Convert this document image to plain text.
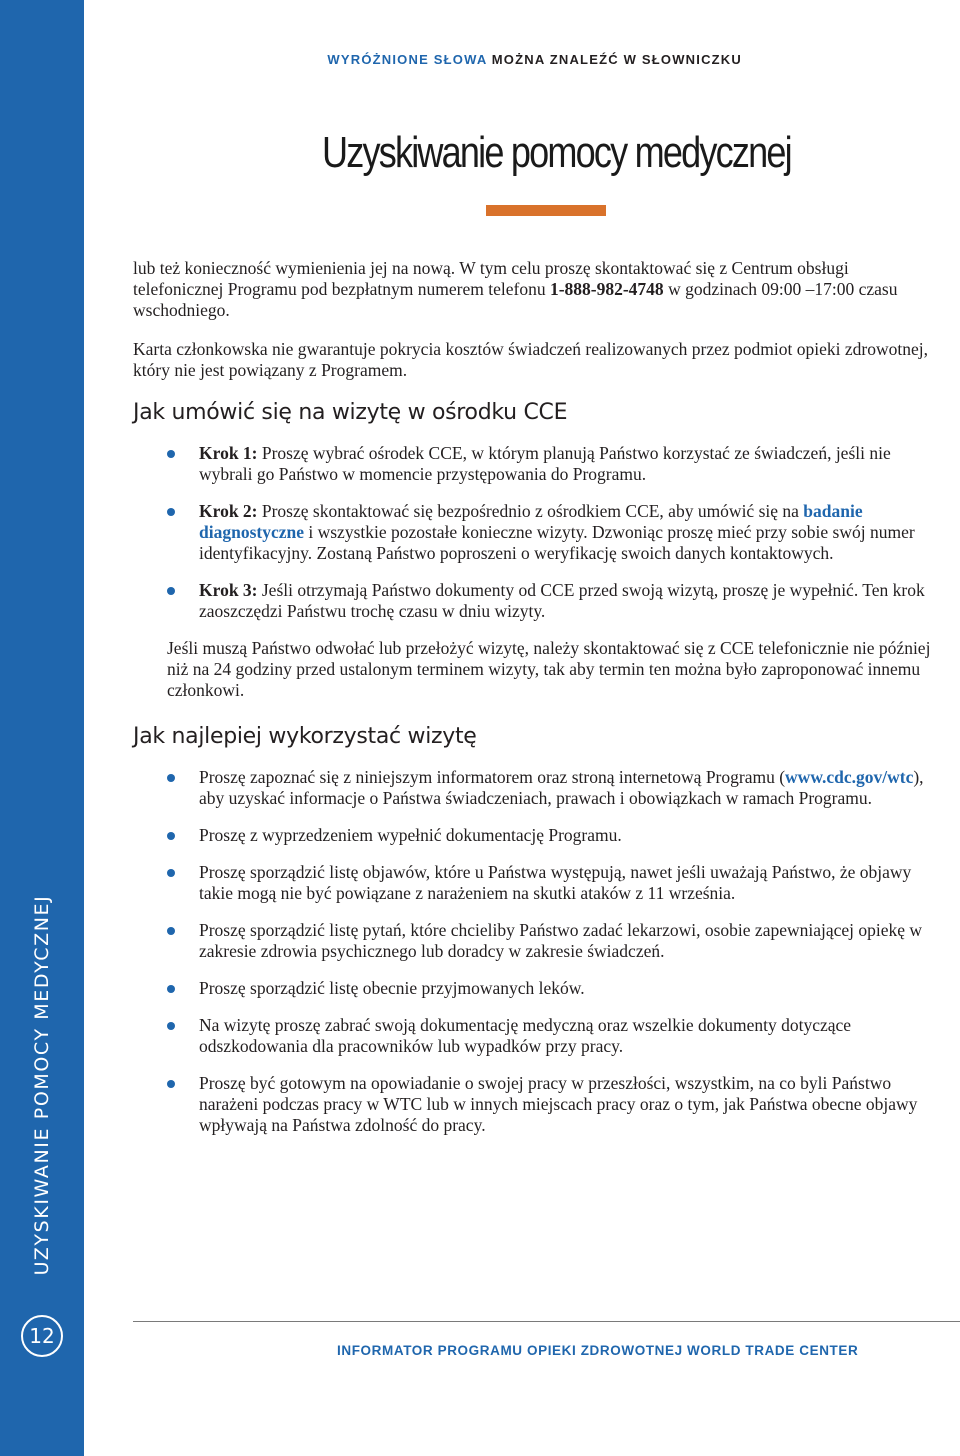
UZYSKIWANIE POMOCY MEDYCZNEJ
12
WYRÓŻNIONE SŁOWA MOŻNA ZNALEŹĆ W SŁOWNICZKU
Uzyskiwanie pomocy medycznej

lub też konieczność wymienienia jej na nową. W tym celu proszę skontaktować się z Centrum obsługi telefonicznej Programu pod bezpłatnym numerem telefonu 1-888-982-4748 w godzinach 09:00 –17:00 czasu wschodniego.

Karta członkowska nie gwarantuje pokrycia kosztów świadczeń realizowanych przez podmiot opieki zdrowotnej, który nie jest powiązany z Programem.

Jak umówić się na wizytę w ośrodku CCE
Krok 1: Proszę wybrać ośrodek CCE, w którym planują Państwo korzystać ze świadczeń, jeśli nie wybrali go Państwo w momencie przystępowania do Programu.
Krok 2: Proszę skontaktować się bezpośrednio z ośrodkiem CCE, aby umówić się na badanie diagnostyczne i wszystkie pozostałe konieczne wizyty. Dzwoniąc proszę mieć przy sobie swój numer identyfikacyjny. Zostaną Państwo poproszeni o weryfikację swoich danych kontaktowych.
Krok 3: Jeśli otrzymają Państwo dokumenty od CCE przed swoją wizytą, proszę je wypełnić. Ten krok zaoszczędzi Państwu trochę czasu w dniu wizyty.

Jeśli muszą Państwo odwołać lub przełożyć wizytę, należy skontaktować się z CCE telefonicznie nie później niż na 24 godziny przed ustalonym terminem wizyty, tak aby termin ten można było zaproponować innemu członkowi.

Jak najlepiej wykorzystać wizytę
Proszę zapoznać się z niniejszym informatorem oraz stroną internetową Programu (www.cdc.gov/wtc), aby uzyskać informacje o Państwa świadczeniach, prawach i obowiązkach w ramach Programu.
Proszę z wyprzedzeniem wypełnić dokumentację Programu.
Proszę sporządzić listę objawów, które u Państwa występują, nawet jeśli uważają Państwo, że objawy takie mogą nie być powiązane z narażeniem na skutki ataków z 11 września.
Proszę sporządzić listę pytań, które chcieliby Państwo zadać lekarzowi, osobie zapewniającej opiekę w zakresie zdrowia psychicznego lub doradcy w zakresie świadczeń.
Proszę sporządzić listę obecnie przyjmowanych leków.
Na wizytę proszę zabrać swoją dokumentację medyczną oraz wszelkie dokumenty dotyczące odszkodowania dla pracowników lub wypadków przy pracy.
Proszę być gotowym na opowiadanie o swojej pracy w przeszłości, wszystkim, na co byli Państwo narażeni podczas pracy w WTC lub w innych miejscach pracy oraz o tym, jak Państwa obecne objawy wpływają na Państwa zdolność do pracy.
INFORMATOR PROGRAMU OPIEKI ZDROWOTNEJ WORLD TRADE CENTER
